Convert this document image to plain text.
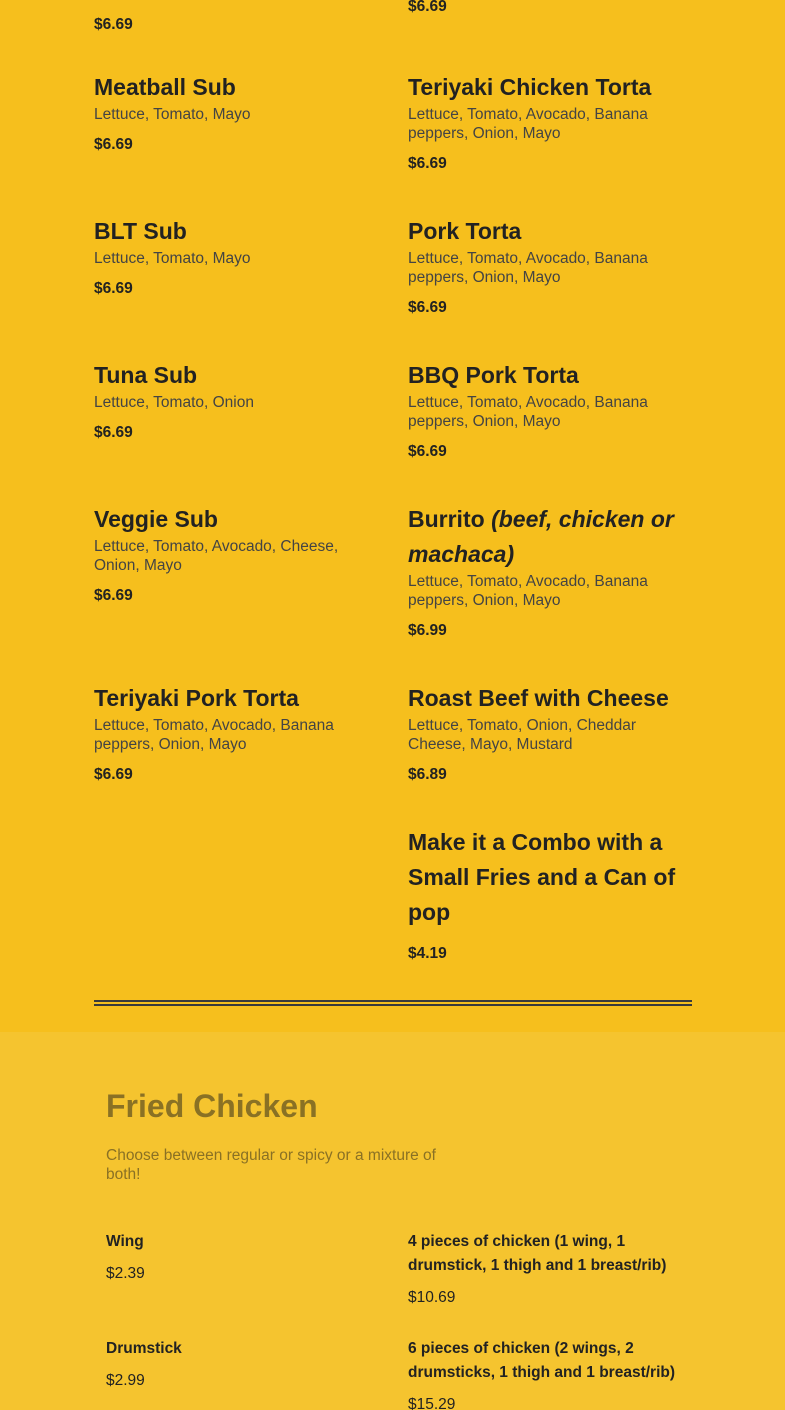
$6.69
$6.69
Meatball Sub
Lettuce, Tomato, Mayo
$6.69
BLT Sub
Lettuce, Tomato, Mayo
$6.69
Tuna Sub
Lettuce, Tomato, Onion
$6.69
Veggie Sub
Lettuce, Tomato, Avocado, Cheese, Onion, Mayo
$6.69
Teriyaki Pork Torta
Lettuce, Tomato, Avocado, Banana peppers, Onion, Mayo
$6.69
Teriyaki Chicken Torta
Lettuce, Tomato, Avocado, Banana peppers, Onion, Mayo
$6.69
Pork Torta
Lettuce, Tomato, Avocado, Banana peppers, Onion, Mayo
$6.69
BBQ Pork Torta
Lettuce, Tomato, Avocado, Banana peppers, Onion, Mayo
$6.69
Burrito (beef, chicken or machaca)
Lettuce, Tomato, Avocado, Banana peppers, Onion, Mayo
$6.99
Roast Beef with Cheese
Lettuce, Tomato, Onion, Cheddar Cheese, Mayo, Mustard
$6.89
Make it a Combo with a Small Fries and a Can of pop
$4.19
Fried Chicken
Choose between regular or spicy or a mixture of both!
Wing
$2.39
Drumstick
$2.99
4 pieces of chicken (1 wing, 1 drumstick, 1 thigh and 1 breast/rib)
$10.69
6 pieces of chicken (2 wings, 2 drumsticks, 1 thigh and 1 breast/rib)
$15.29
